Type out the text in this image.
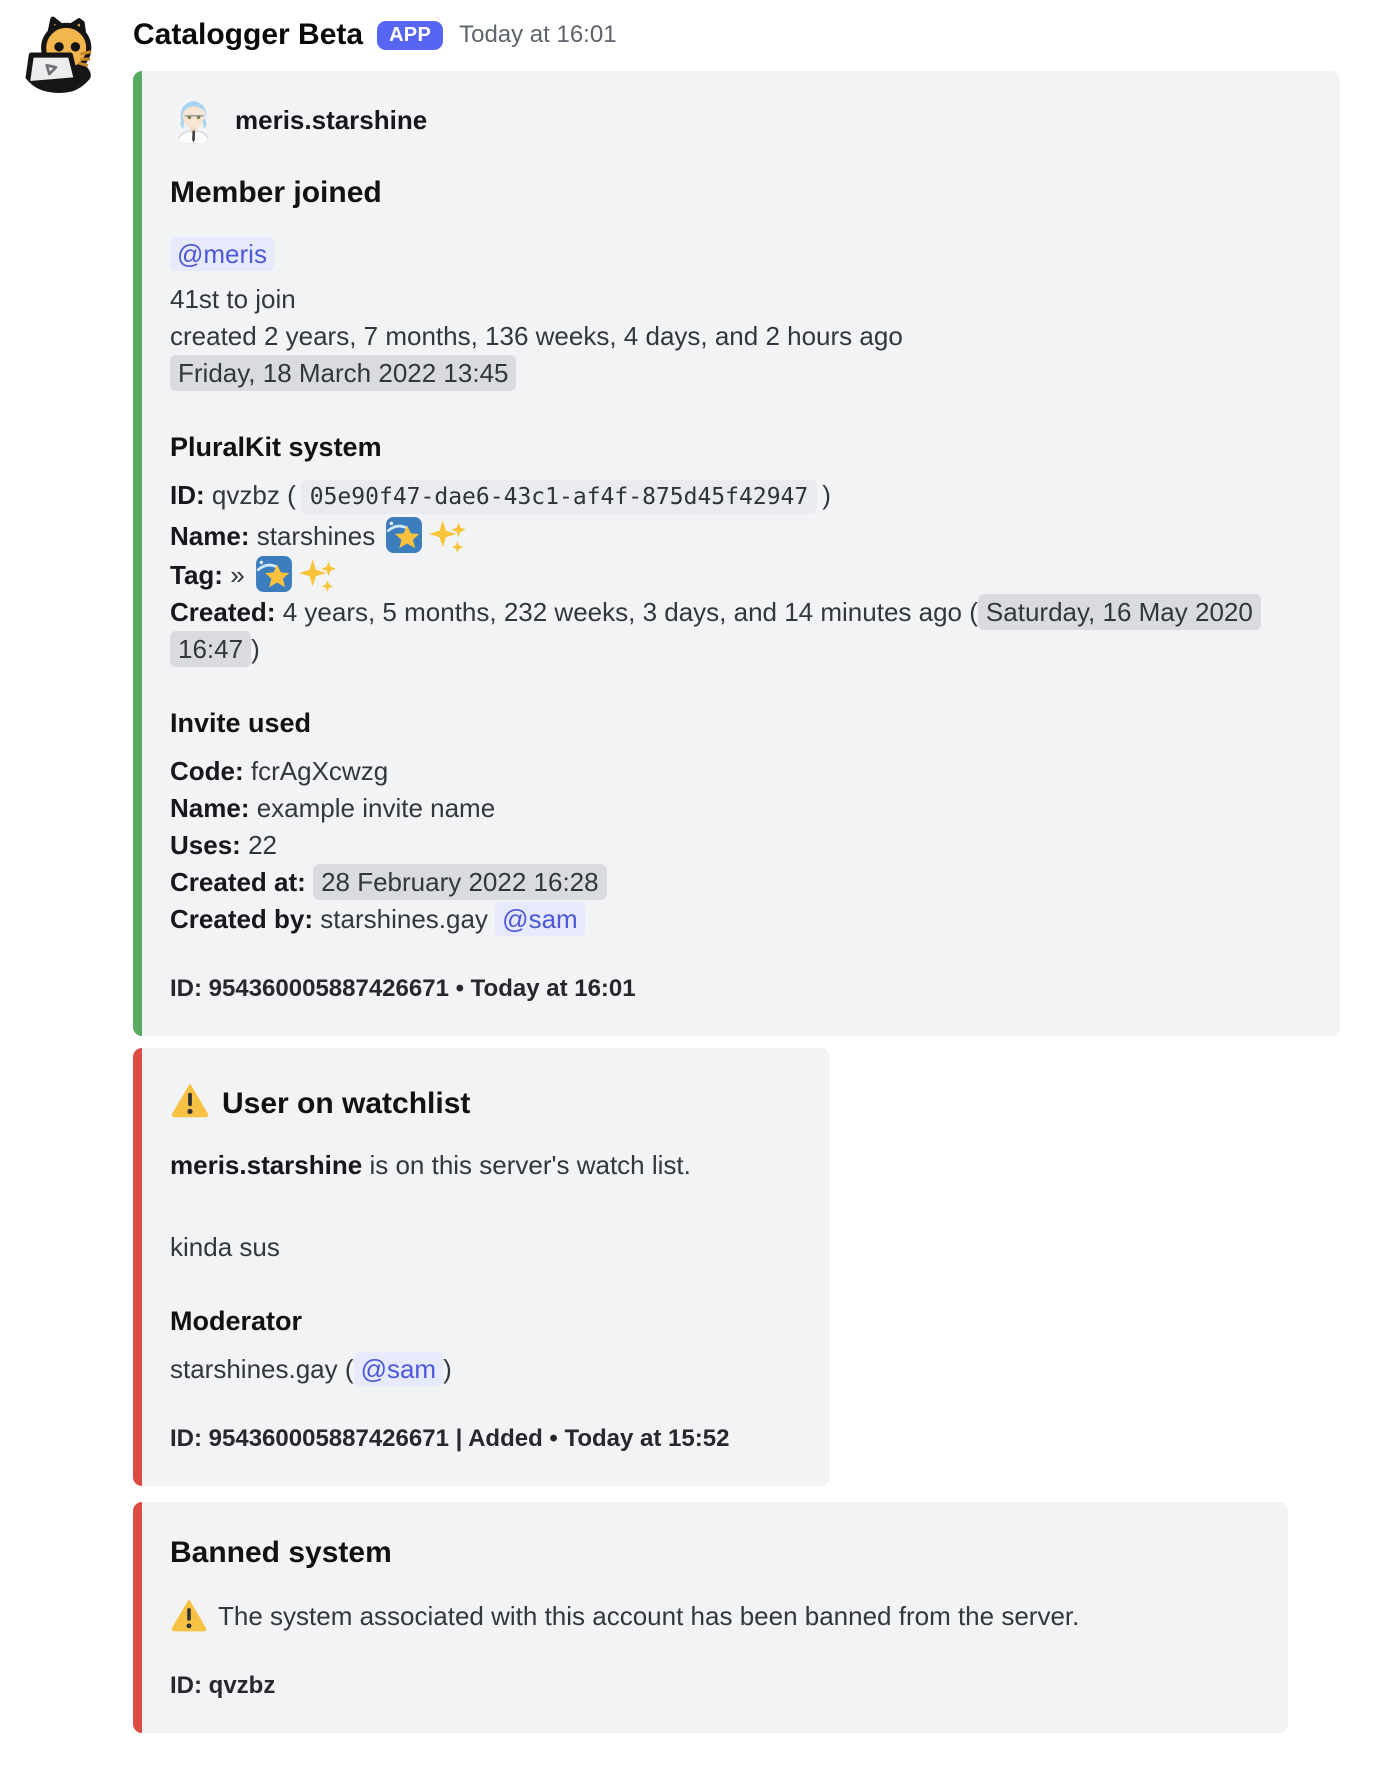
Catalogger Beta	APP	Today at 16:01
meris.starshine
Member joined
@meris
41st to join
created 2 years, 7 months, 136 weeks, 4 days, and 2 hours ago
Friday, 18 March 2022 13:45
PluralKit system
ID: qvzbz ( 05e90f47-dae6-43c1-af4f-875d45f42947 )
Name: starshines
Tag: »
Created: 4 years, 5 months, 232 weeks, 3 days, and 14 minutes ago ( Saturday, 16 May 2020 16:47 )
Invite used
Code: fcrAgXcwzg
Name: example invite name
Uses: 22
Created at: 28 February 2022 16:28
Created by: starshines.gay @sam
ID: 954360005887426671 • Today at 16:01
User on watchlist
meris.starshine is on this server's watch list.
kinda sus
Moderator
starshines.gay ( @sam )
ID: 954360005887426671 | Added • Today at 15:52
Banned system
The system associated with this account has been banned from the server.
ID: qvzbz
